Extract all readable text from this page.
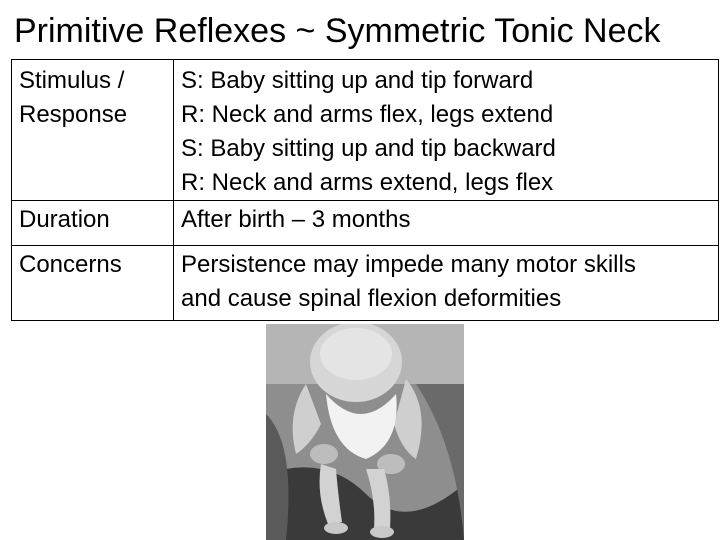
Primitive Reflexes ~ Symmetric Tonic Neck
Stimulus / Response	S: Baby sitting up and tip forward
R: Neck and arms flex, legs extend
S: Baby sitting up and tip backward
R: Neck and arms extend, legs flex

Duration	After birth – 3 months

Concerns	Persistence may impede many motor skills
and cause spinal flexion deformities
